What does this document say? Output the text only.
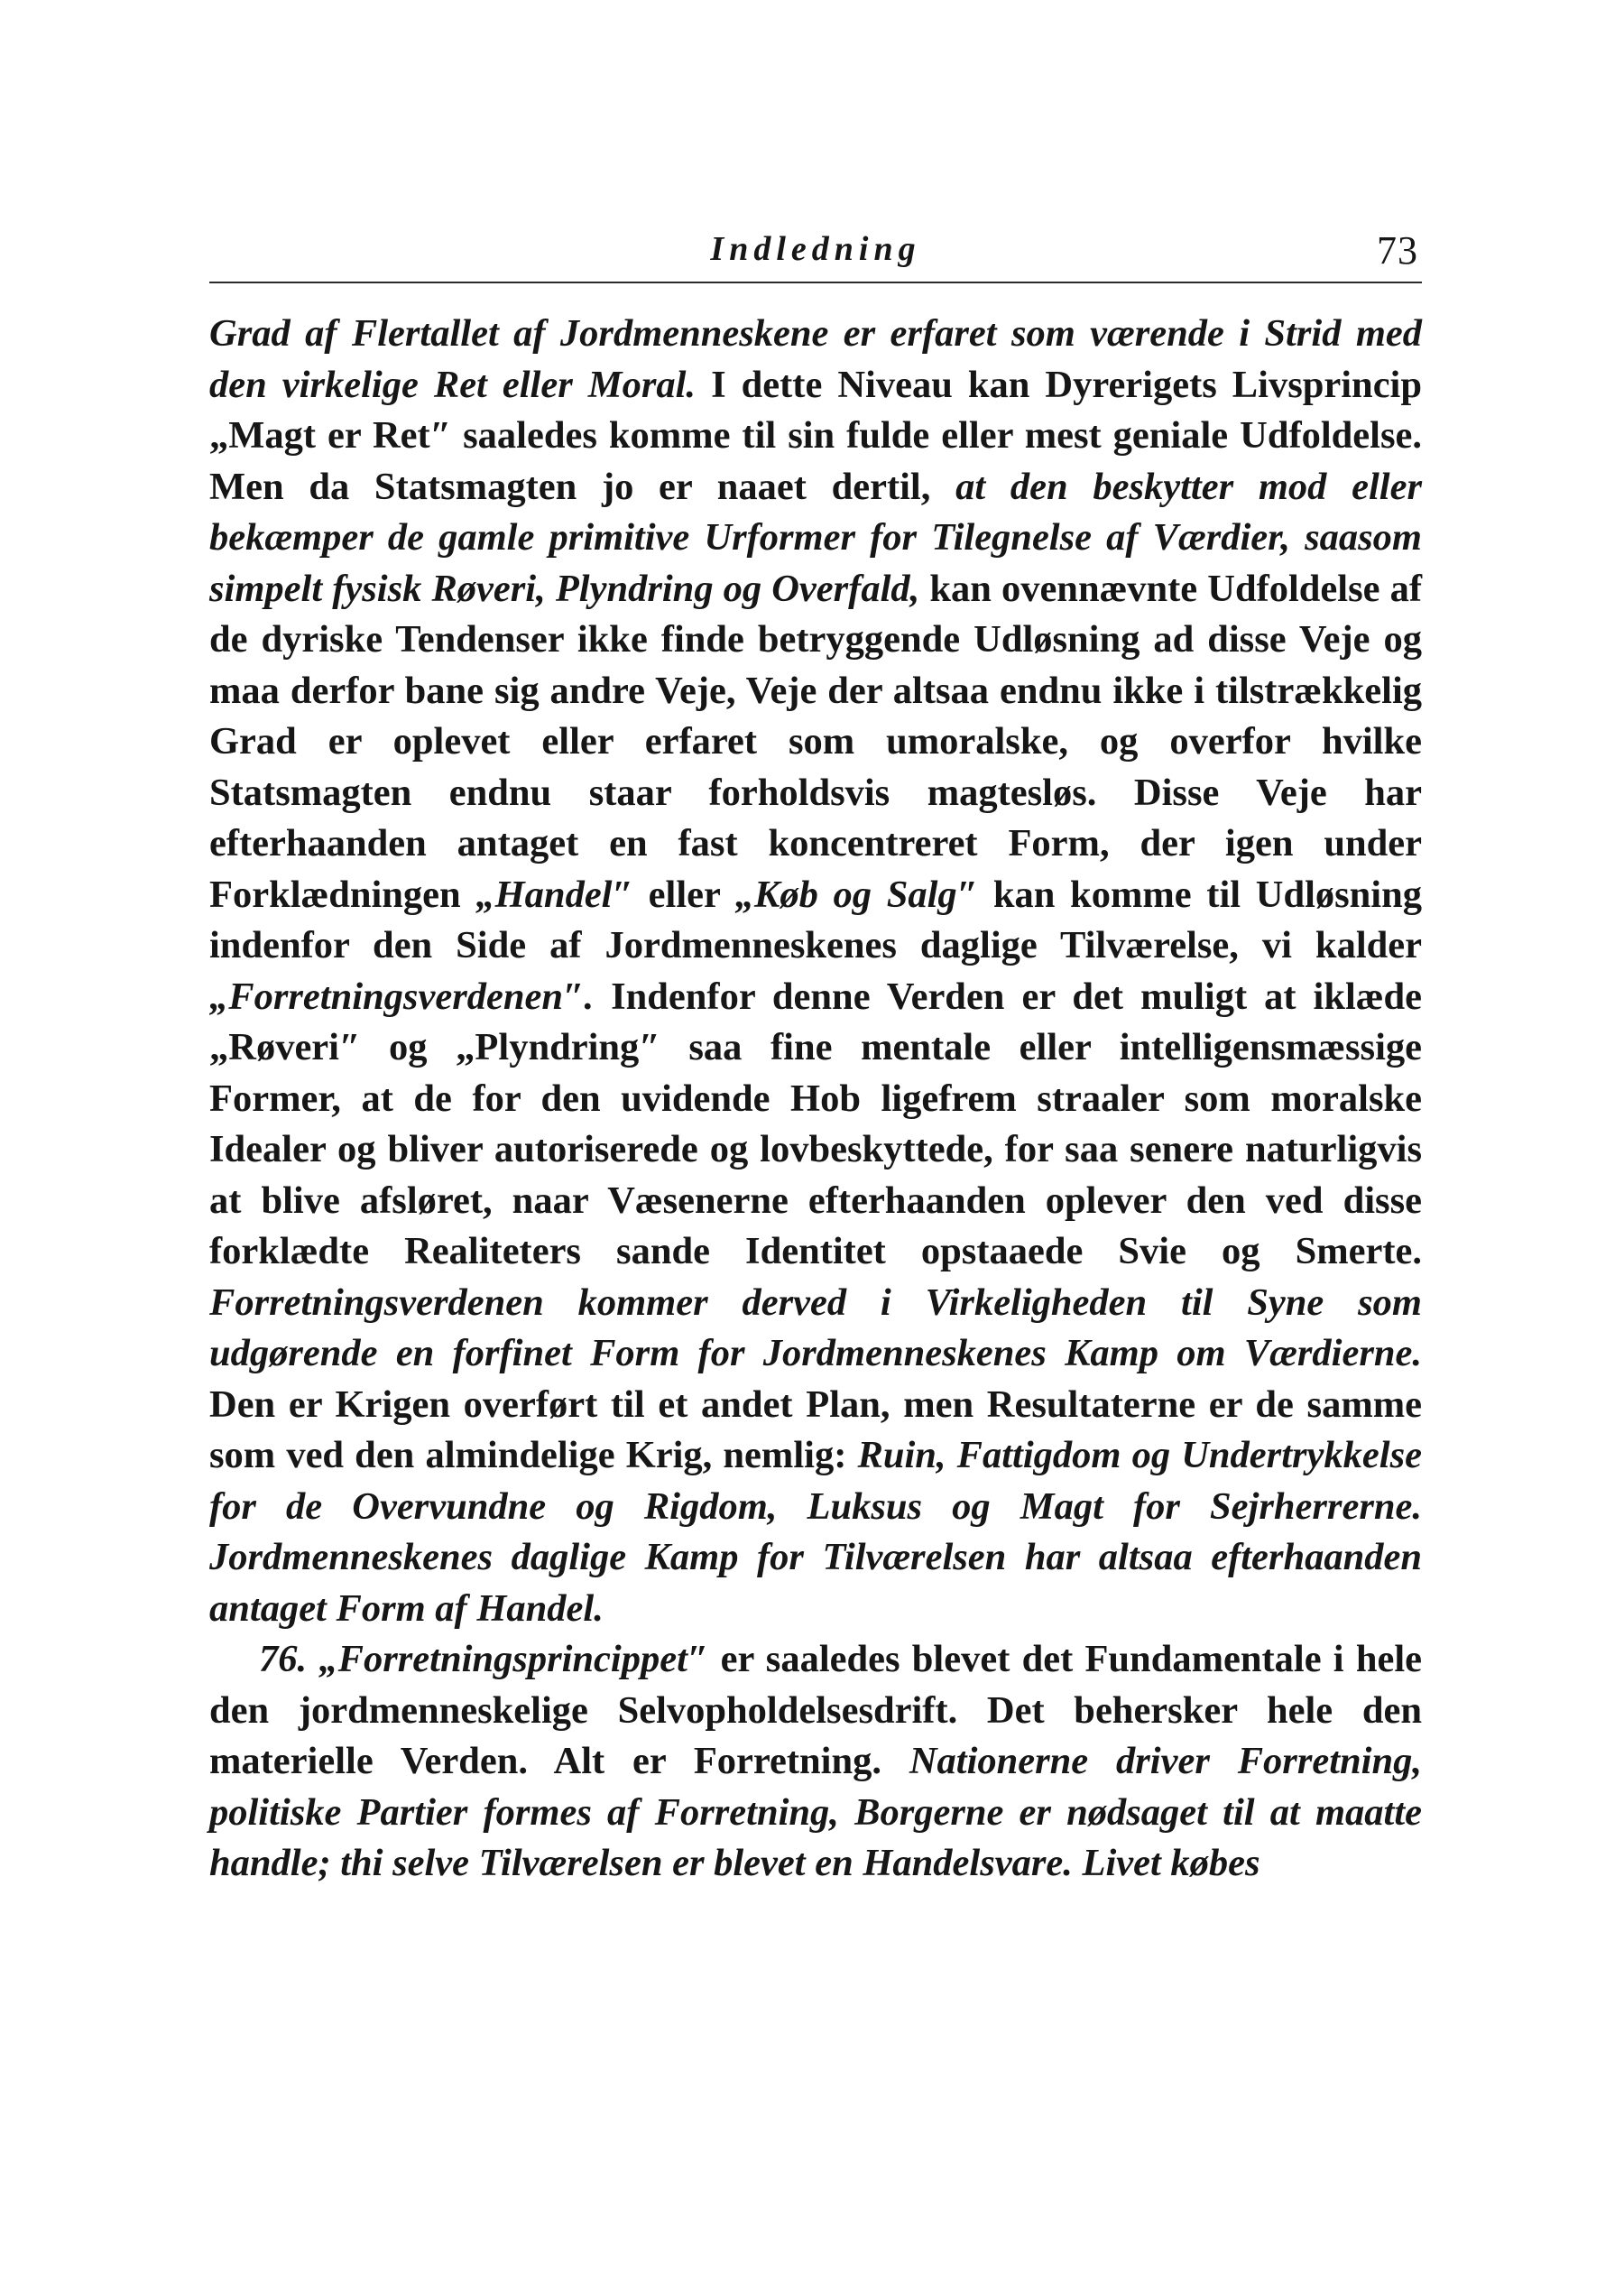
Indledning	73

Grad af Flertallet af Jordmenneskene er erfaret som værende i Strid med den virkelige Ret eller Moral. I dette Niveau kan Dyrerigets Livsprincip „Magt er Ret″ saaledes komme til sin fulde eller mest geniale Udfoldelse. Men da Statsmagten jo er naaet dertil, at den beskytter mod eller bekæmper de gamle primitive Urformer for Tilegnelse af Værdier, saasom simpelt fysisk Røveri, Plyndring og Overfald, kan ovennævnte Udfoldelse af de dyriske Tendenser ikke finde betryggende Udløsning ad disse Veje og maa derfor bane sig andre Veje, Veje der altsaa endnu ikke i tilstrækkelig Grad er oplevet eller erfaret som umoralske, og overfor hvilke Statsmagten endnu staar forholdsvis magtesløs. Disse Veje har efterhaanden antaget en fast koncentreret Form, der igen under Forklædningen „Handel″ eller „Køb og Salg″ kan komme til Udløsning indenfor den Side af Jordmenneskenes daglige Tilværelse, vi kalder „Forretningsverdenen″. Indenfor denne Verden er det muligt at iklæde „Røveri″ og „Plyndring″ saa fine mentale eller intelligensmæssige Former, at de for den uvidende Hob ligefrem straaler som moralske Idealer og bliver autoriserede og lovbeskyttede, for saa senere naturligvis at blive afsløret, naar Væsenerne efterhaanden oplever den ved disse forklædte Realiteters sande Identitet opstaaede Svie og Smerte. Forretningsverdenen kommer derved i Virkeligheden til Syne som udgørende en forfinet Form for Jordmenneskenes Kamp om Værdierne. Den er Krigen overført til et andet Plan, men Resultaterne er de samme som ved den almindelige Krig, nemlig: Ruin, Fattigdom og Undertrykkelse for de Overvundne og Rigdom, Luksus og Magt for Sejrherrerne. Jordmenneskenes daglige Kamp for Tilværelsen har altsaa efterhaanden antaget Form af Handel.

76. „Forretningsprincippet″ er saaledes blevet det Fundamentale i hele den jordmenneskelige Selvopholdelsesdrift. Det behersker hele den materielle Verden. Alt er Forretning. Nationerne driver Forretning, politiske Partier formes af Forretning, Borgerne er nødsaget til at maatte handle; thi selve Tilværelsen er blevet en Handelsvare. Livet købes
